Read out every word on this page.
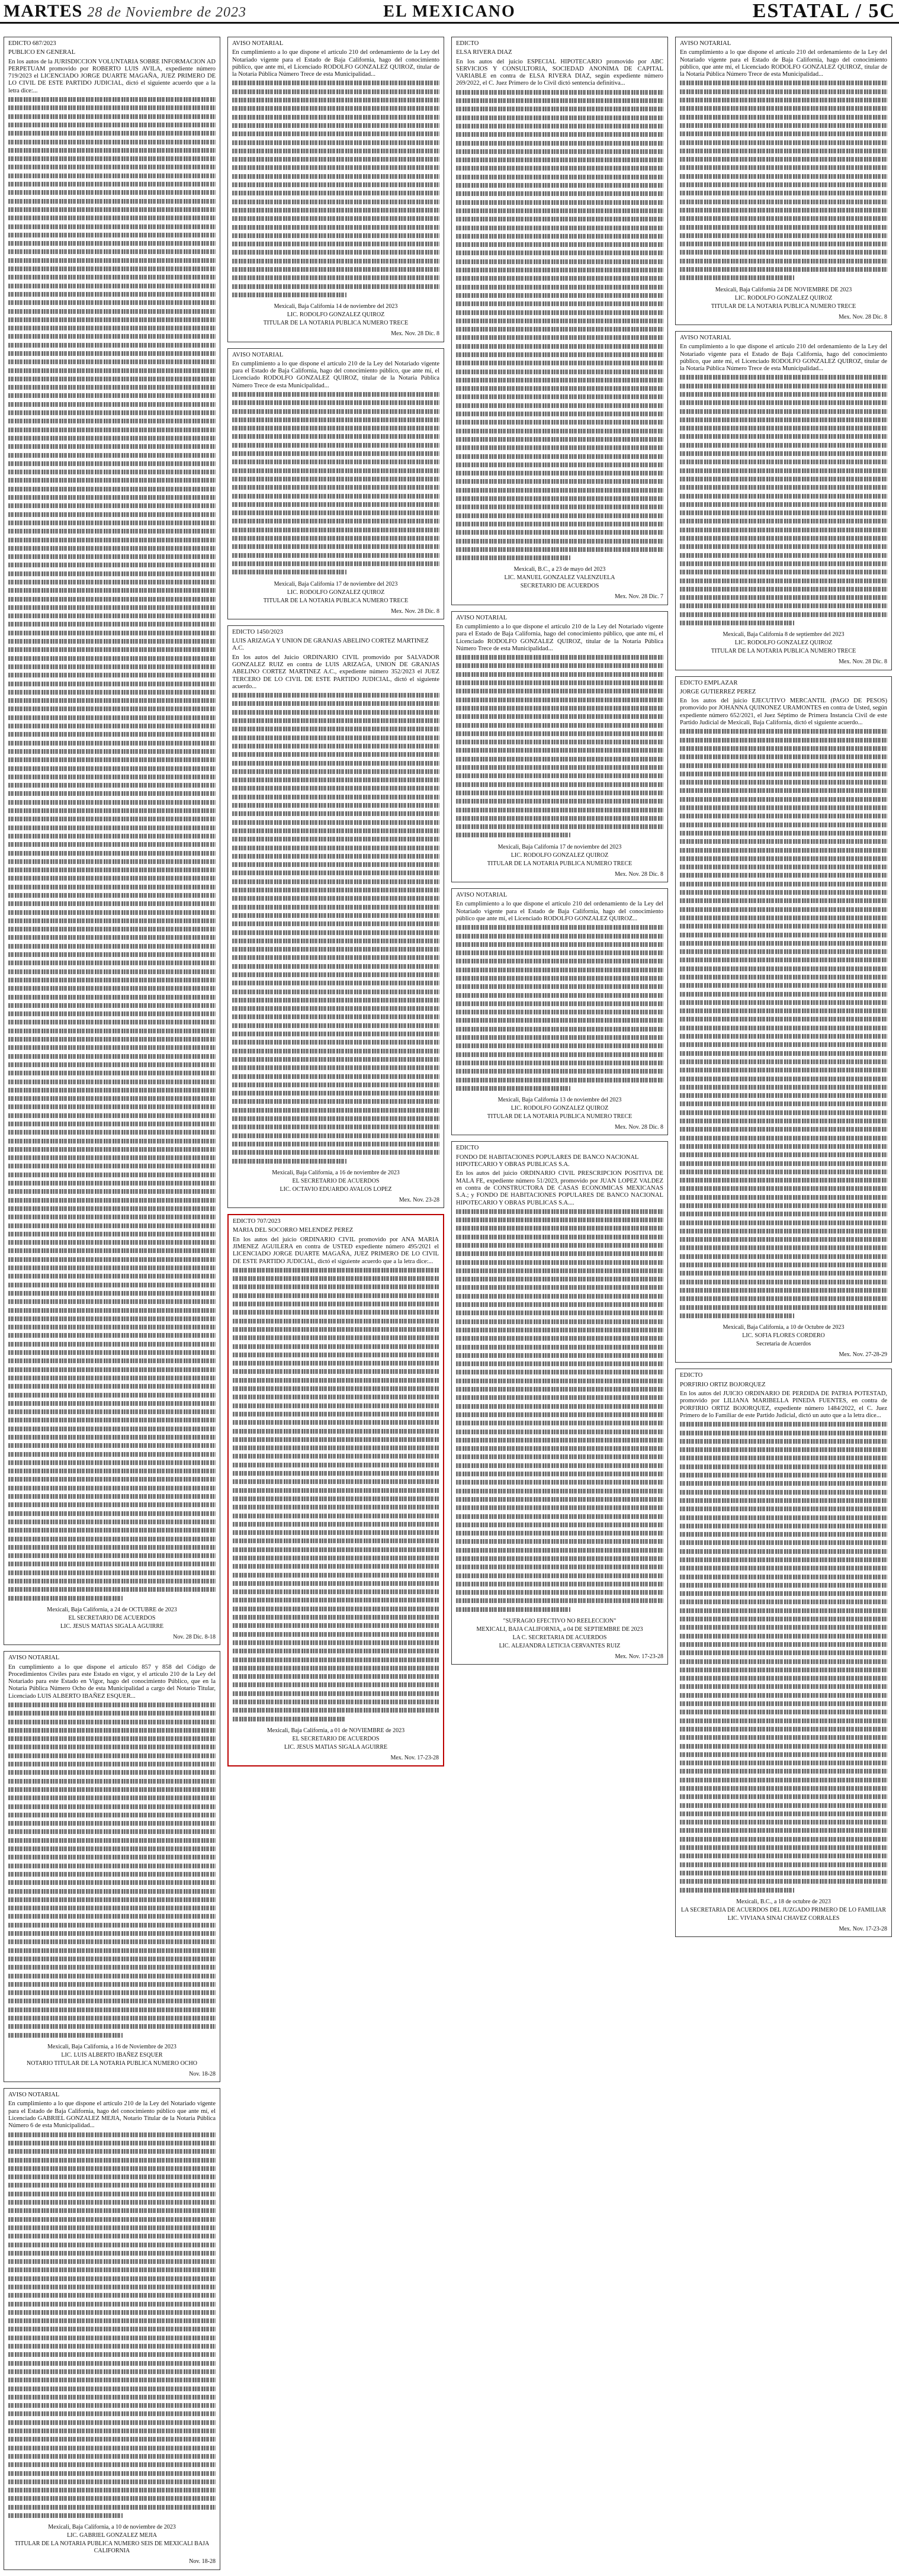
MARTES 28 de Noviembre de 2023	EL MEXICANO	ESTATAL / 5C
EDICTO 687/2023
PUBLICO EN GENERAL
En los autos de la JURISDICCION VOLUNTARIA SOBRE INFORMACION AD PERPETUAM promovido por ROBERTO LUIS AVILA, expediente número 719/2023 el LICENCIADO JORGE DUARTE MAGAÑA, JUEZ PRIMERO DE LO CIVIL DE ESTE PARTIDO JUDICIAL, dictó el siguiente acuerdo que a la letra dice:...
Mexicali, Baja California, a 24 de OCTUBRE de 2023
EL SECRETARIO DE ACUERDOS
LIC. JESUS MATIAS SIGALA AGUIRRE
Nov. 28 Dic. 8-18
AVISO NOTARIAL
En cumplimiento a lo que dispone el artículo 857 y 858 del Código de Procedimientos Civiles para este Estado en vigor, y el artículo 210 de la Ley del Notariado para este Estado en Vigor, hago del conocimiento Público, que en la Notaría Pública Número Ocho de esta Municipalidad a cargo del Notario Titular, Licenciado LUIS ALBERTO IBAÑEZ ESQUER...
Mexicali, Baja California, a 16 de Noviembre de 2023
LIC. LUIS ALBERTO IBAÑEZ ESQUER
NOTARIO TITULAR DE LA NOTARIA PUBLICA NUMERO OCHO
Nov. 18-28
AVISO NOTARIAL
En cumplimiento a lo que dispone el artículo 210 de la Ley del Notariado vigente para el Estado de Baja California, hago del conocimiento público que ante mí, el Licenciado GABRIEL GONZALEZ MEJIA, Notario Titular de la Notaría Pública Número 6 de esta Municipalidad...
Mexicali, Baja California, a 10 de noviembre de 2023
LIC. GABRIEL GONZALEZ MEJIA
TITULAR DE LA NOTARIA PUBLICA NUMERO SEIS DE MEXICALI BAJA CALIFORNIA
Nov. 18-28
AVISO NOTARIAL
En cumplimiento a lo que dispone el artículo 210 del ordenamiento de la Ley del Notariado vigente para el Estado de Baja California, hago del conocimiento público, que ante mí, el Licenciado RODOLFO GONZALEZ QUIROZ, titular de la Notaría Pública Número Trece de esta Municipalidad...
Mexicali, Baja California 14 de noviembre del 2023
LIC. RODOLFO GONZALEZ QUIROZ
TITULAR DE LA NOTARIA PUBLICA NUMERO TRECE
Mex. Nov. 28 Dic. 8
AVISO NOTARIAL
En cumplimiento a lo que dispone el artículo 210 de la Ley del Notariado vigente para el Estado de Baja California, hago del conocimiento público, que ante mí, el Licenciado RODOLFO GONZALEZ QUIROZ, titular de la Notaría Pública Número Trece de esta Municipalidad...
Mexicali, Baja California 17 de noviembre del 2023
LIC. RODOLFO GONZALEZ QUIROZ
TITULAR DE LA NOTARIA PUBLICA NUMERO TRECE
Mex. Nov. 28 Dic. 8
EDICTO 1450/2023
LUIS ARIZAGA Y UNION DE GRANJAS ABELINO CORTEZ MARTINEZ A.C.
En los autos del Juicio ORDINARIO CIVIL promovido por SALVADOR GONZALEZ RUIZ en contra de LUIS ARIZAGA, UNION DE GRANJAS ABELINO CORTEZ MARTINEZ A.C., expediente número 352/2023 el JUEZ TERCERO DE LO CIVIL DE ESTE PARTIDO JUDICIAL, dictó el siguiente acuerdo...
Mexicali, Baja California, a 16 de noviembre de 2023
EL SECRETARIO DE ACUERDOS
LIC. OCTAVIO EDUARDO AVALOS LOPEZ
Mex. Nov. 23-28
EDICTO 707/2023
MARIA DEL SOCORRO MELENDEZ PEREZ
En los autos del juicio ORDINARIO CIVIL promovido por ANA MARIA JIMENEZ AGUILERA en contra de USTED expediente número 495/2021 el LICENCIADO JORGE DUARTE MAGAÑA, JUEZ PRIMERO DE LO CIVIL DE ESTE PARTIDO JUDICIAL, dictó el siguiente acuerdo que a la letra dice:...
Mexicali, Baja California, a 01 de NOVIEMBRE de 2023
EL SECRETARIO DE ACUERDOS
LIC. JESUS MATIAS SIGALA AGUIRRE
Mex. Nov. 17-23-28
EDICTO
ELSA RIVERA DIAZ
En los autos del juicio ESPECIAL HIPOTECARIO promovido por ABC SERVICIOS Y CONSULTORIA, SOCIEDAD ANONIMA DE CAPITAL VARIABLE en contra de ELSA RIVERA DIAZ, según expediente número 269/2022, el C. Juez Primero de lo Civil dictó sentencia definitiva...
Mexicali, B.C., a 23 de mayo del 2023
LIC. MANUEL GONZALEZ VALENZUELA
SECRETARIO DE ACUERDOS
Mex. Nov. 28 Dic. 7
AVISO NOTARIAL
En cumplimiento a lo que dispone el artículo 210 de la Ley del Notariado vigente para el Estado de Baja California, hago del conocimiento público, que ante mí, el Licenciado RODOLFO GONZALEZ QUIROZ, titular de la Notaría Pública Número Trece de esta Municipalidad...
Mexicali, Baja California 17 de noviembre del 2023
LIC. RODOLFO GONZALEZ QUIROZ
TITULAR DE LA NOTARIA PUBLICA NUMERO TRECE
Mex. Nov. 28 Dic. 8
AVISO NOTARIAL
En cumplimiento a lo que dispone el artículo 210 del ordenamiento de la Ley del Notariado vigente para el Estado de Baja California, hago del conocimiento público que ante mí, el Licenciado RODOLFO GONZALEZ QUIROZ...
Mexicali, Baja California 13 de noviembre del 2023
LIC. RODOLFO GONZALEZ QUIROZ
TITULAR DE LA NOTARIA PUBLICA NUMERO TRECE
Mex. Nov. 28 Dic. 8
EDICTO
FONDO DE HABITACIONES POPULARES DE BANCO NACIONAL HIPOTECARIO Y OBRAS PUBLICAS S.A.
En los autos del juicio ORDINARIO CIVIL PRESCRIPCION POSITIVA DE MALA FE, expediente número 51/2023, promovido por JUAN LOPEZ VALDEZ en contra de CONSTRUCTORA DE CASAS ECONOMICAS MEXICANAS S.A.; y FONDO DE HABITACIONES POPULARES DE BANCO NACIONAL HIPOTECARIO Y OBRAS PUBLICAS S.A....
"SUFRAGIO EFECTIVO NO REELECCION"
MEXICALI, BAJA CALIFORNIA, a 04 DE SEPTIEMBRE DE 2023
LA C. SECRETARIA DE ACUERDOS
LIC. ALEJANDRA LETICIA CERVANTES RUIZ
Mex. Nov. 17-23-28
AVISO NOTARIAL
En cumplimiento a lo que dispone el artículo 210 del ordenamiento de la Ley del Notariado vigente para el Estado de Baja California, hago del conocimiento público, que ante mí, el Licenciado RODOLFO GONZALEZ QUIROZ, titular de la Notaría Pública Número Trece de esta Municipalidad...
Mexicali, Baja California 24 DE NOVIEMBRE DE 2023
LIC. RODOLFO GONZALEZ QUIROZ
TITULAR DE LA NOTARIA PUBLICA NUMERO TRECE
Mex. Nov. 28 Dic. 8
AVISO NOTARIAL
En cumplimiento a lo que dispone el artículo 210 del ordenamiento de la Ley del Notariado vigente para el Estado de Baja California, hago del conocimiento público, que ante mí, el Licenciado RODOLFO GONZALEZ QUIROZ, titular de la Notaría Pública Número Trece de esta Municipalidad...
Mexicali, Baja California 8 de septiembre del 2023
LIC. RODOLFO GONZALEZ QUIROZ
TITULAR DE LA NOTARIA PUBLICA NUMERO TRECE
Mex. Nov. 28 Dic. 8
EDICTO EMPLAZAR
JORGE GUTIERREZ PEREZ
En los autos del juicio EJECUTIVO MERCANTIL (PAGO DE PESOS) promovido por JOHANNA QUINONEZ URAMONTES en contra de Usted, según expediente número 652/2021, el Juez Séptimo de Primera Instancia Civil de este Partido Judicial de Mexicali, Baja California, dictó el siguiente acuerdo...
Mexicali, Baja California, a 10 de Octubre de 2023
LIC. SOFIA FLORES CORDERO
Secretaria de Acuerdos
Mex. Nov. 27-28-29
EDICTO
PORFIRIO ORTIZ BOJORQUEZ
En los autos del JUICIO ORDINARIO DE PERDIDA DE PATRIA POTESTAD, promovido por LILIANA MARIBELLA PINEDA FUENTES, en contra de PORFIRIO ORTIZ BOJORQUEZ, expediente número 1484/2022, el C. Juez Primero de lo Familiar de este Partido Judicial, dictó un auto que a la letra dice...
Mexicali, B.C., a 18 de octubre de 2023
LA SECRETARIA DE ACUERDOS DEL JUZGADO PRIMERO DE LO FAMILIAR
LIC. VIVIANA SINAI CHAVEZ CORRALES
Mex. Nov. 17-23-28
